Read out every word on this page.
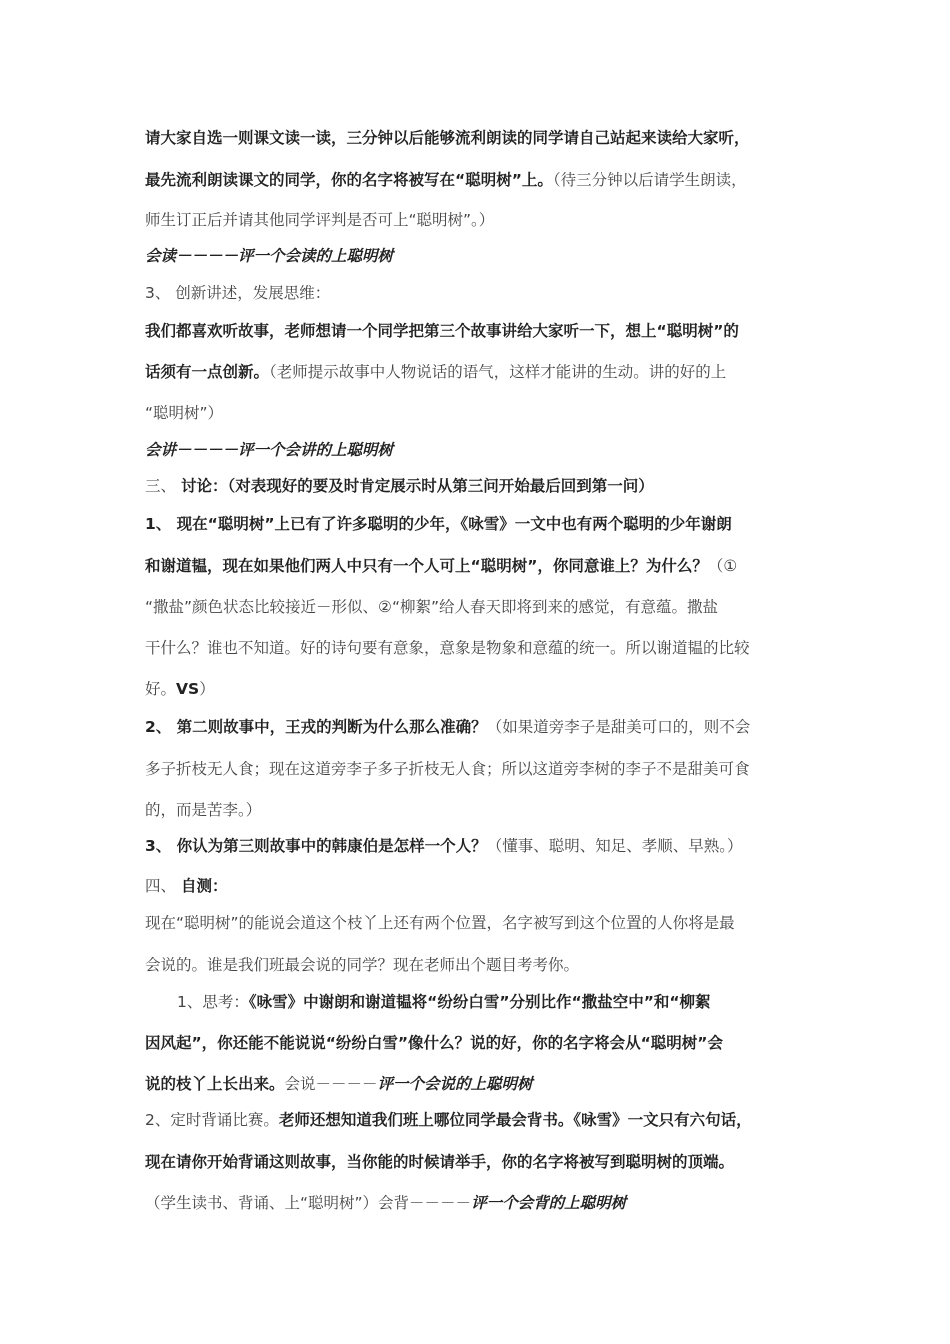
请大家自选一则课文读一读，三分钟以后能够流利朗读的同学请自己站起来读给大家听，
最先流利朗读课文的同学，你的名字将被写在“聪明树”上。（待三分钟以后请学生朗读，
师生订正后并请其他同学评判是否可上“聪明树”。）
会读－－－－评一个会读的上聪明树
3、 创新讲述，发展思维：
我们都喜欢听故事，老师想请一个同学把第三个故事讲给大家听一下，想上“聪明树”的
话须有一点创新。（老师提示故事中人物说话的语气，这样才能讲的生动。讲的好的上
“聪明树”）
会讲－－－－评一个会讲的上聪明树
三、 讨论：（对表现好的要及时肯定展示时从第三问开始最后回到第一问）
1、 现在“聪明树”上已有了许多聪明的少年，《咏雪》一文中也有两个聪明的少年谢朗
和谢道韫，现在如果他们两人中只有一个人可上“聪明树”，你同意谁上？为什么？（①
“撒盐”颜色状态比较接近－形似、②“柳絮”给人春天即将到来的感觉，有意蕴。撒盐
干什么？谁也不知道。好的诗句要有意象，意象是物象和意蕴的统一。所以谢道韫的比较
好。VS）
2、 第二则故事中，王戎的判断为什么那么准确？（如果道旁李子是甜美可口的，则不会
多子折枝无人食；现在这道旁李子多子折枝无人食；所以这道旁李树的李子不是甜美可食
的，而是苦李。）
3、 你认为第三则故事中的韩康伯是怎样一个人？（懂事、聪明、知足、孝顺、早熟。）
四、 自测：
现在“聪明树”的能说会道这个枝丫上还有两个位置，名字被写到这个位置的人你将是最
会说的。谁是我们班最会说的同学？现在老师出个题目考考你。
1、思考：《咏雪》中谢朗和谢道韫将“纷纷白雪”分别比作“撒盐空中”和“柳絮
因风起”，你还能不能说说“纷纷白雪”像什么？说的好，你的名字将会从“聪明树”会
说的枝丫上长出来。会说－－－－评一个会说的上聪明树
2、定时背诵比赛。老师还想知道我们班上哪位同学最会背书。《咏雪》一文只有六句话，
现在请你开始背诵这则故事，当你能的时候请举手，你的名字将被写到聪明树的顶端。
（学生读书、背诵、上“聪明树”）会背－－－－评一个会背的上聪明树
